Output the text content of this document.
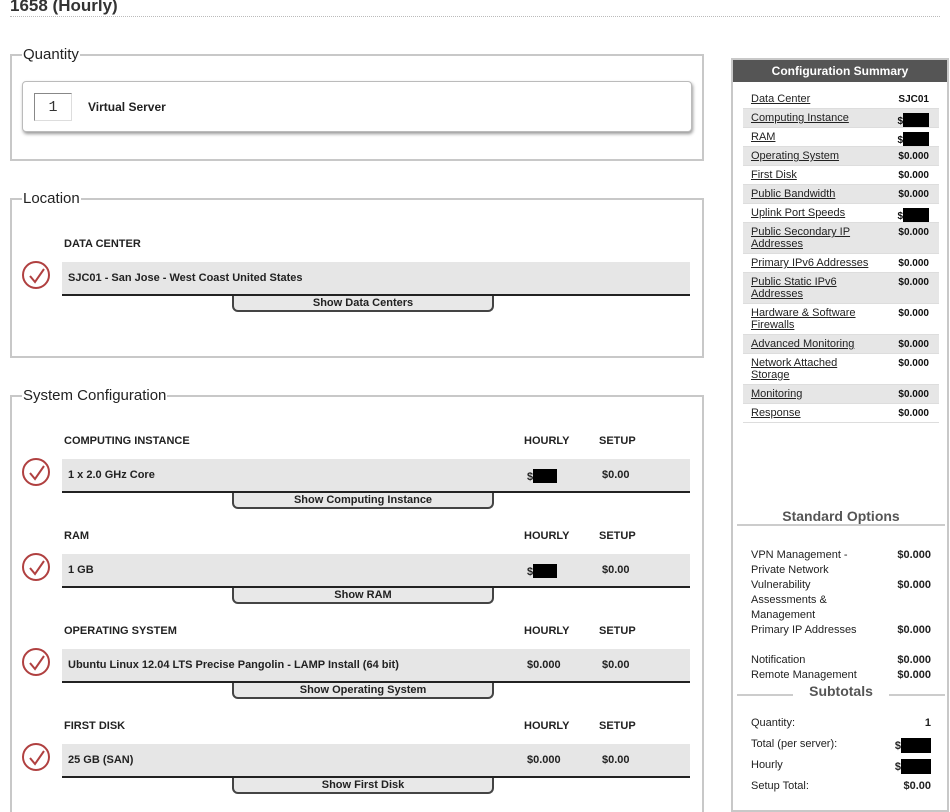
1658 (Hourly)
Quantity
1
Virtual Server
Location
DATA CENTER
SJC01 - San Jose - West Coast United States
Show Data Centers
System Configuration
COMPUTING INSTANCE	HOURLY	SETUP
1 x 2.0 GHz Core	$	$0.00
Show Computing Instance
RAM	HOURLY	SETUP
1 GB	$	$0.00
Show RAM
OPERATING SYSTEM	HOURLY	SETUP
Ubuntu Linux 12.04 LTS Precise Pangolin - LAMP Install (64 bit)	$0.000	$0.00
Show Operating System
FIRST DISK	HOURLY	SETUP
25 GB (SAN)	$0.000	$0.00
Show First Disk
Configuration Summary
Data Center	SJC01
Computing Instance	$
RAM	$
Operating System	$0.000
First Disk	$0.000
Public Bandwidth	$0.000
Uplink Port Speeds	$
Public Secondary IP Addresses
$0.000
Primary IPv6 Addresses	$0.000
Public Static IPv6 Addresses
$0.000
Hardware & Software Firewalls
$0.000
Advanced Monitoring	$0.000
Network Attached Storage
$0.000
Monitoring	$0.000
Response	$0.000
Standard Options
VPN Management - Private Network
$0.000
Vulnerability Assessments & Management
$0.000
Primary IP Addresses	$0.000
Notification	$0.000
Remote Management	$0.000
Subtotals
Quantity:	1
Total (per server):	$
Hourly	$
Setup Total:	$0.00
